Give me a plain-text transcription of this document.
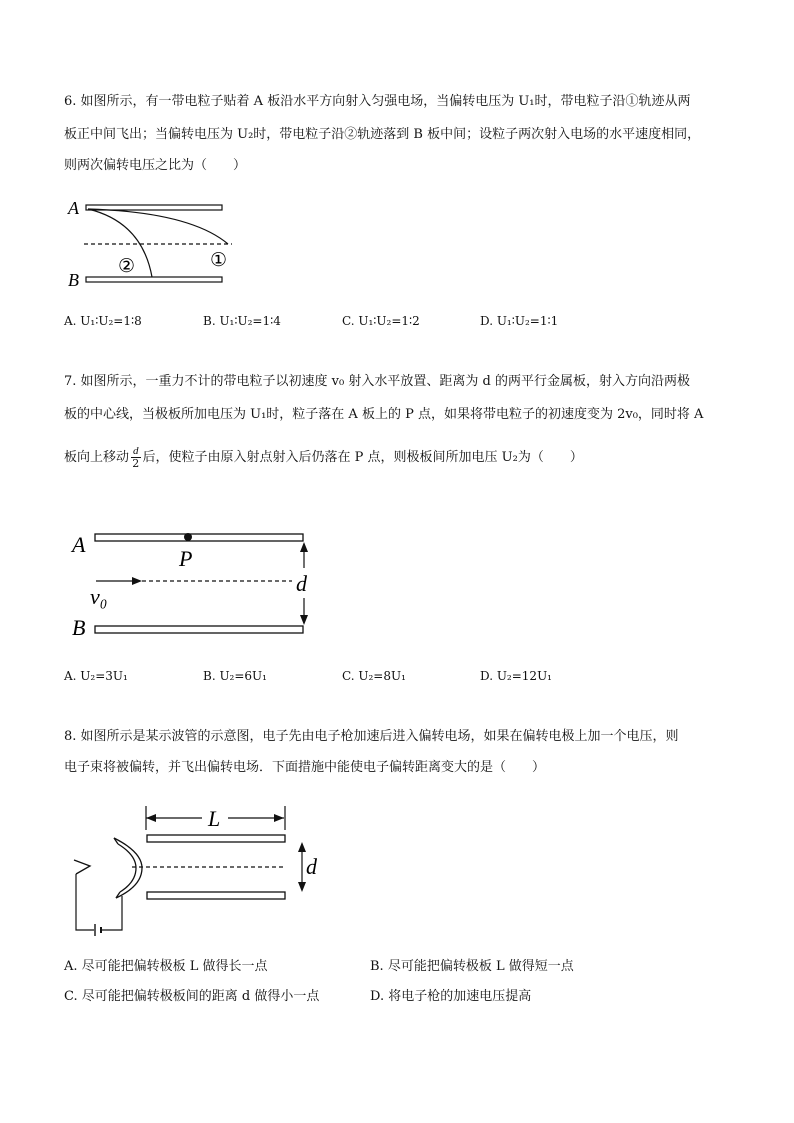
6. 如图所示，有一带电粒子贴着 A 板沿水平方向射入匀强电场，当偏转电压为 U₁时，带电粒子沿①轨迹从两
板正中间飞出；当偏转电压为 U₂时，带电粒子沿②轨迹落到 B 板中间；设粒子两次射入电场的水平速度相同，
则两次偏转电压之比为（　　）
A
B
②	①
A. U₁∶U₂=1∶8	B. U₁∶U₂=1∶4	C. U₁∶U₂=1∶2	D. U₁∶U₂=1∶1
7. 如图所示，一重力不计的带电粒子以初速度 v₀ 射入水平放置、距离为 d 的两平行金属板，射入方向沿两极
板的中心线，当极板所加电压为 U₁时，粒子落在 A 板上的 P 点，如果将带电粒子的初速度变为 2v₀，同时将 A
板向上移动 $\frac{d}{2}$ 后，使粒子由原入射点射入后仍落在 P 点，则极板间所加电压 U₂为（　　）
A
B
P
v₀
d
A. U₂=3U₁	B. U₂=6U₁	C. U₂=8U₁	D. U₂=12U₁
8. 如图所示是某示波管的示意图，电子先由电子枪加速后进入偏转电场，如果在偏转电极上加一个电压，则
电子束将被偏转，并飞出偏转电场．下面措施中能使电子偏转距离变大的是（　　）
L
d
A. 尽可能把偏转极板 L 做得长一点	B. 尽可能把偏转极板 L 做得短一点
C. 尽可能把偏转极板间的距离 d 做得小一点	D. 将电子枪的加速电压提高
